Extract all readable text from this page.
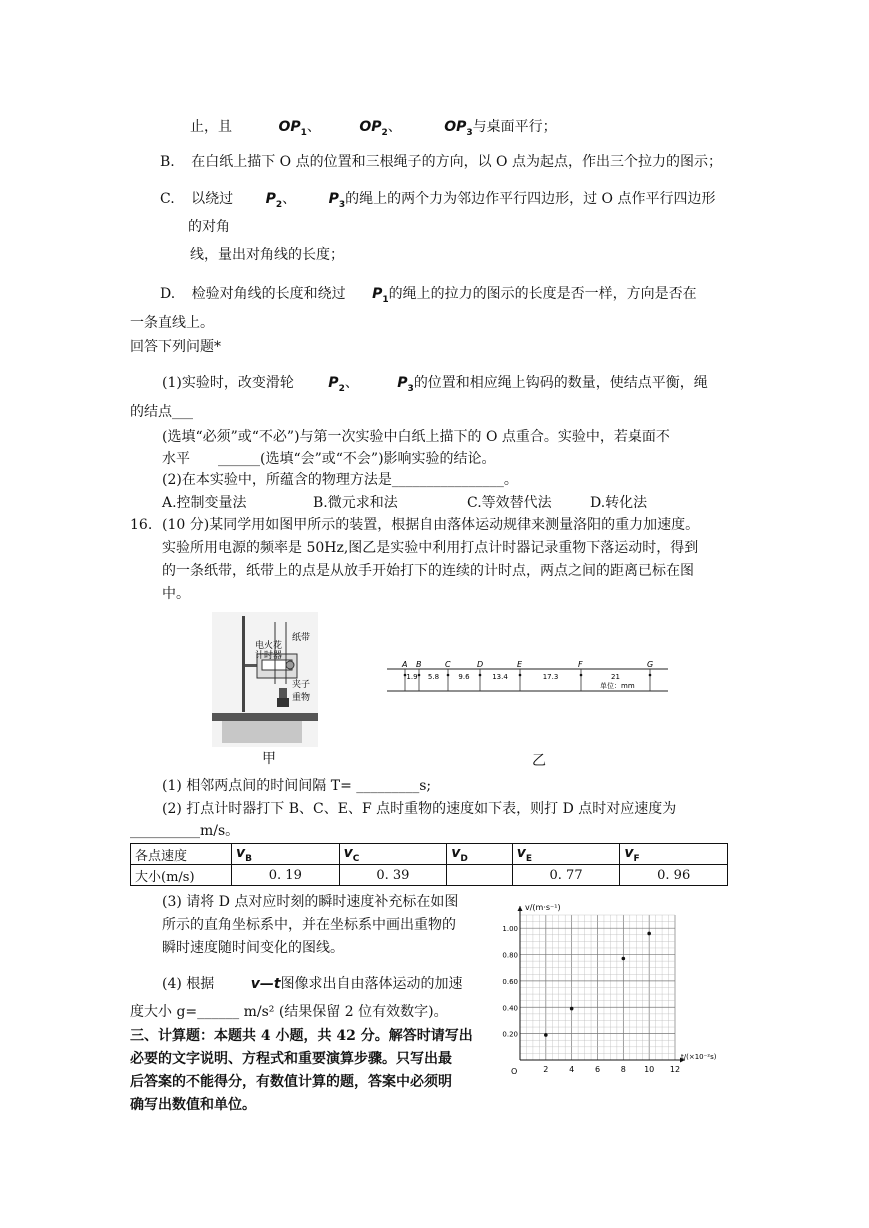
止，且	$OP_1$、	$OP_2$、	$OP_3$与桌面平行；
B. 在白纸上描下 O 点的位置和三根绳子的方向，以 O 点为起点，作出三个拉力的图示；
C. 以绕过 $P_2$、 $P_3$的绳上的两个力为邻边作平行四边形，过 O 点作平行四边形
的对角
线，量出对角线的长度；
D. 检验对角线的长度和绕过 $P_1$的绳上的拉力的图示的长度是否一样，方向是否在
一条直线上。
回答下列问题*
(1)实验时，改变滑轮 $P_2$、	$P_3$的位置和相应绳上钩码的数量，使结点平衡，绳
的结点___
(选填“必须”或“不必”)与第一次实验中白纸上描下的 O 点重合。实验中，若桌面不
水平　　______(选填“会”或“不会”)影响实验的结论。
(2)在本实验中，所蕴含的物理方法是________________。
A.控制变量法	B.微元求和法	C.等效替代法	D.转化法
16. (10 分)某同学用如图甲所示的装置，根据自由落体运动规律来测量洛阳的重力加速度。
实验所用电源的频率是 50Hz,图乙是实验中利用打点计时器记录重物下落运动时，得到
的一条纸带，纸带上的点是从放手开始打下的连续的计时点，两点之间的距离已标在图
中。
电火花
计时器
纸带
夹子
重物
甲
A B	C	D	E	F	G
1.9 5.8	9.6	13.4	17.3	21
单位：mm
乙
(1) 相邻两点间的时间间隔 T= _________s;
(2) 打点计时器打下 B、C、E、F 点时重物的速度如下表，则打 D 点时对应速度为
__________m/s。
各点速度	$v_B$	$v_C$	$v_D$	$v_E$	$v_F$
大小(m/s)	0. 19	0. 39		0. 77	0. 96
(3) 请将 D 点对应时刻的瞬时速度补充标在如图
所示的直角坐标系中，并在坐标系中画出重物的
瞬时速度随时间变化的图线。
(4) 根据	v—t图像求出自由落体运动的加速
度大小 g=______ m/s² (结果保留 2 位有效数字)。
三、计算题：本题共 4 小题，共 42 分。解答时请写出
必要的文字说明、方程式和重要演算步骤。只写出最
后答案的不能得分，有数值计算的题，答案中必须明
确写出数值和单位。
2	4	6	8 10 12
0.20
0.40
0.60
0.80
1.00
v/(m·s⁻¹)
t/(×10⁻²s)
O
